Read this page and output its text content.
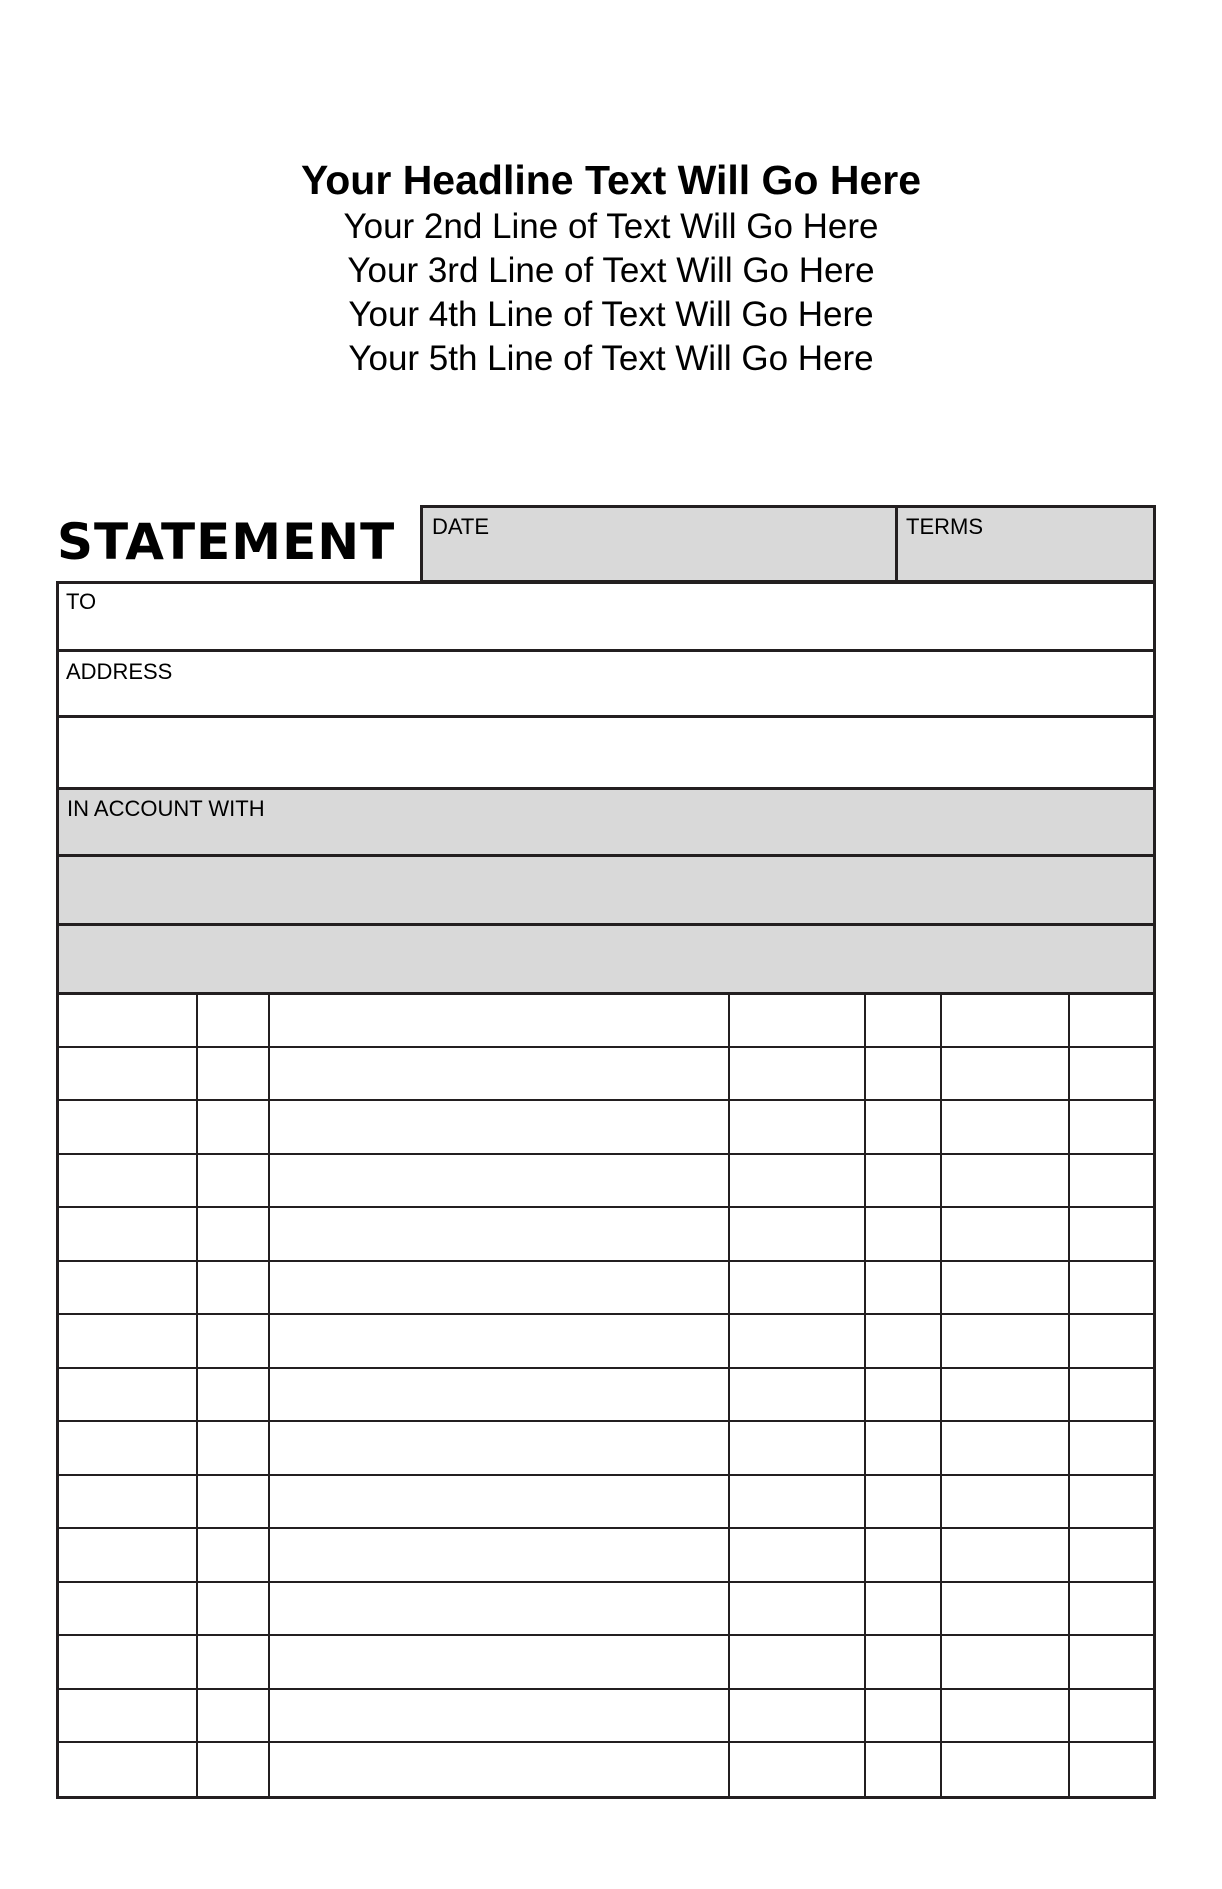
Your Headline Text Will Go Here

Your 2nd Line of Text Will Go Here

Your 3rd Line of Text Will Go Here

Your 4th Line of Text Will Go Here

Your 5th Line of Text Will Go Here

STATEMENT DATE	TERMS
TO
ADDRESS
IN ACCOUNT WITH
